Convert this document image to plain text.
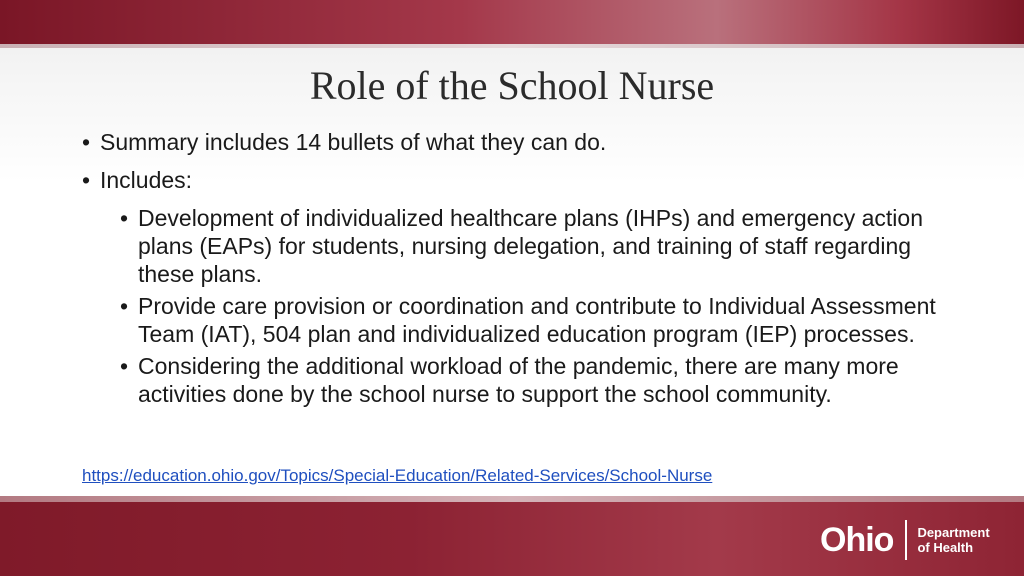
Role of the School Nurse
• Summary includes 14 bullets of what they can do.
• Includes:
• Development of individualized healthcare plans (IHPs) and emergency action plans (EAPs) for students, nursing delegation, and training of staff regarding these plans.
• Provide care provision or coordination and contribute to Individual Assessment Team (IAT), 504 plan and individualized education program (IEP) processes.
• Considering the additional workload of the pandemic, there are many more activities done by the school nurse to support the school community.
https://education.ohio.gov/Topics/Special-Education/Related-Services/School-Nurse
Ohio Department
of Health
